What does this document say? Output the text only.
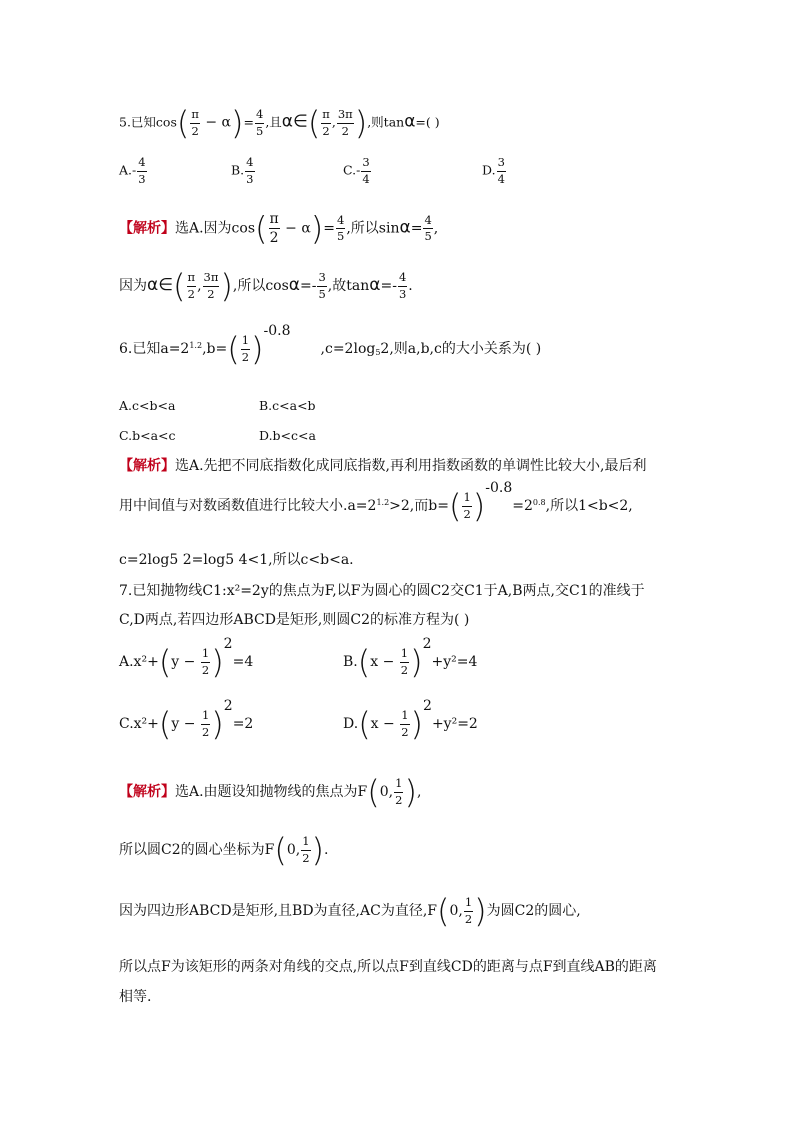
5.已知$\cos( \frac{\pi}{2} - \alpha)= \frac{4}{5}$ ,且α∈( $\frac{\pi}{2}$ , $\frac{3\pi}{2}$ ),则tanα=( )
$A.- \frac{4}{3}$	B. $\frac{4}{3}$	$C.- \frac{3}{4}$	D. $\frac{3}{4}$
【解析】选A.因为$\cos( \frac{\pi}{2} - \alpha)= \frac{4}{5}$ ,所以$\sin\alpha= \frac{4}{5}$ ,
因为α∈( $\frac{\pi}{2}$ , $\frac{3\pi}{2}$ ),所以$\cos\alpha=- \frac{3}{5}$ ,故$\tan\alpha=- \frac{4}{3}$ .
6.已知$a=2^{1.2},b=( \frac{1}{2} )-0.8,c=2\log_52$,则a,b,c的大小关系为( )
A.c<b<a	B.c<a<b
C.b<a<c	D.b<c<a
【解析】选A.先把不同底指数化成同底指数,再利用指数函数的单调性比较大小,最后利
用中间值与对数函数值进行比较大小$.a=2^{1.2}>2$,而$b=( \frac{1}{2} )-0.8=2^{0.8}$,所以1<b<2,
c=2log5 2=log5 4<1,所以c<b<a.
7.已知抛物线C1:x²=2y的焦点为F,以F为圆心的圆C2交C1于A,B两点,交C1的准线于
C,D两点,若四边形ABCD是矩形,则圆C2的标准方程为( )
$A.x^2+(y - \frac{1}{2} )2=4$	$B.(x - \frac{1}{2} )2+y^2=4$
$C.x^2+(y - \frac{1}{2} )2=2$	$D.(x - \frac{1}{2} )2+y^2=2$
【解析】选A.由题设知抛物线的焦点为F(0, $\frac{1}{2}$ ),
所以圆C2的圆心坐标为F(0, $\frac{1}{2}$ ).
因为四边形ABCD是矩形,且BD为直径,AC为直径,F(0, $\frac{1}{2}$ )为圆C2的圆心,
所以点F为该矩形的两条对角线的交点,所以点F到直线CD的距离与点F到直线AB的距离
相等.
